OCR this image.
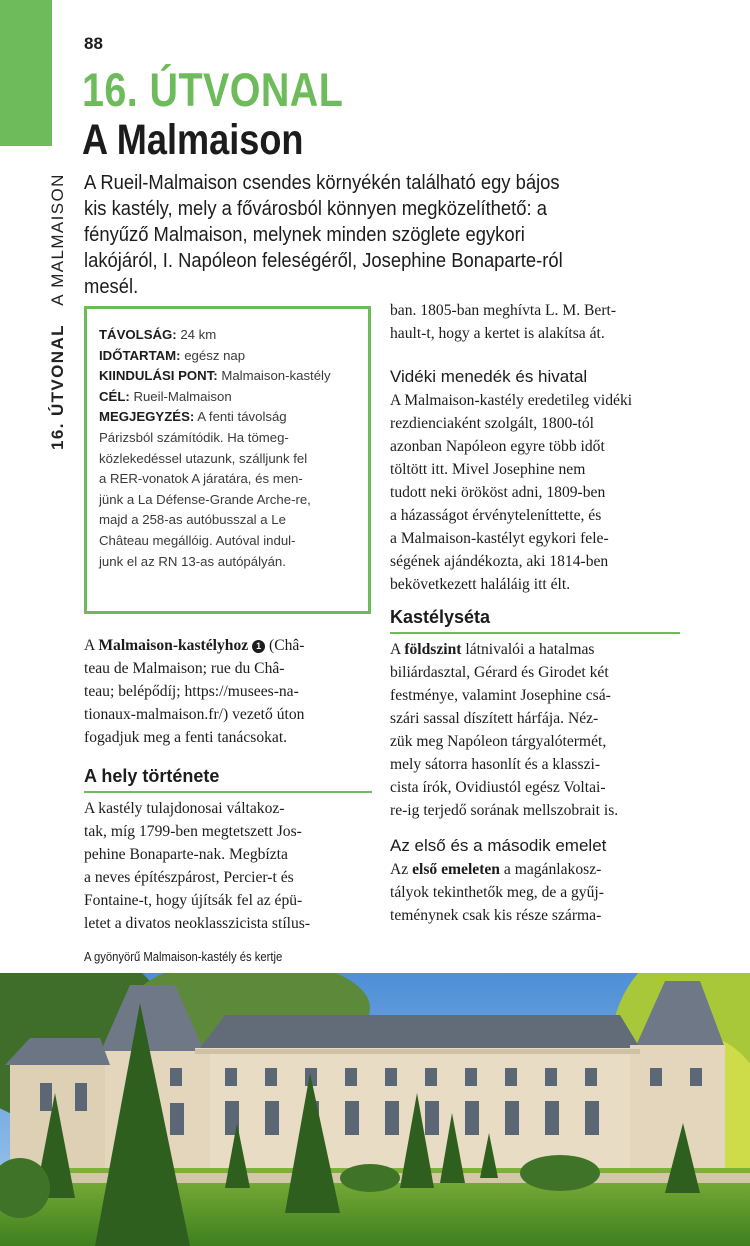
16. ÚTVONAL   A MALMAISON
88
16. ÚTVONAL
A Malmaison
A Rueil-Malmaison csendes környékén található egy bájos kis kastély, mely a fővárosból könnyen megközelíthető: a fényűző Malmaison, melynek minden szöglete egykori lakójáról, I. Napóleon feleségéről, Josephine Bonaparte-ról mesél.
TÁVOLSÁG: 24 km
IDŐTARTAM: egész nap
KIINDULÁSI PONT: Malmaison-kastély
CÉL: Rueil-Malmaison
MEGJEGYZÉS: A fenti távolság
Párizsból számítódik. Ha tömeg-
közlekedéssel utazunk, szálljunk fel
a RER-vonatok A járatára, és men-
jünk a La Défense-Grande Arche-re,
majd a 258-as autóbusszal a Le
Château megállóig. Autóval indul-
junk el az RN 13-as autópályán.
A Malmaison-kastélyhoz 1 (Châ-
teau de Malmaison; rue du Châ-
teau; belépődíj; https://musees-na-
tionaux-malmaison.fr/) vezető úton
fogadjuk meg a fenti tanácsokat.
A hely története
A kastély tulajdonosai váltakoz-
tak, míg 1799-ben megtetszett Jos-
pehine Bonaparte-nak. Megbízta
a neves építészpárost, Percier-t és
Fontaine-t, hogy újítsák fel az épü-
letet a divatos neoklasszicista stílus-
ban. 1805-ban meghívta L. M. Bert-
hault-t, hogy a kertet is alakítsa át.
Vidéki menedék és hivatal
A Malmaison-kastély eredetileg vidéki
rezdienciaként szolgált, 1800-tól
azonban Napóleon egyre több időt
töltött itt. Mivel Josephine nem
tudott neki örököst adni, 1809-ben
a házasságot érvényteleníttette, és
a Malmaison-kastélyt egykori fele-
ségének ajándékozta, aki 1814-ben
bekövetkezett haláláig itt élt.
Kastélyséta
A földszint látnivalói a hatalmas
biliárdasztal, Gérard és Girodet két
festménye, valamint Josephine csá-
szári sassal díszített hárfája. Néz-
zük meg Napóleon tárgyalótermét,
mely sátorra hasonlít és a klasszi-
cista írók, Ovidiustól egész Voltai-
re-ig terjedő sorának mellszobrait is.
Az első és a második emelet
Az első emeleten a magánlakosz-
tályok tekinthetők meg, de a gyűj-
teménynek csak kis része szárma-
A gyönyörű Malmaison-kastély és kertje
